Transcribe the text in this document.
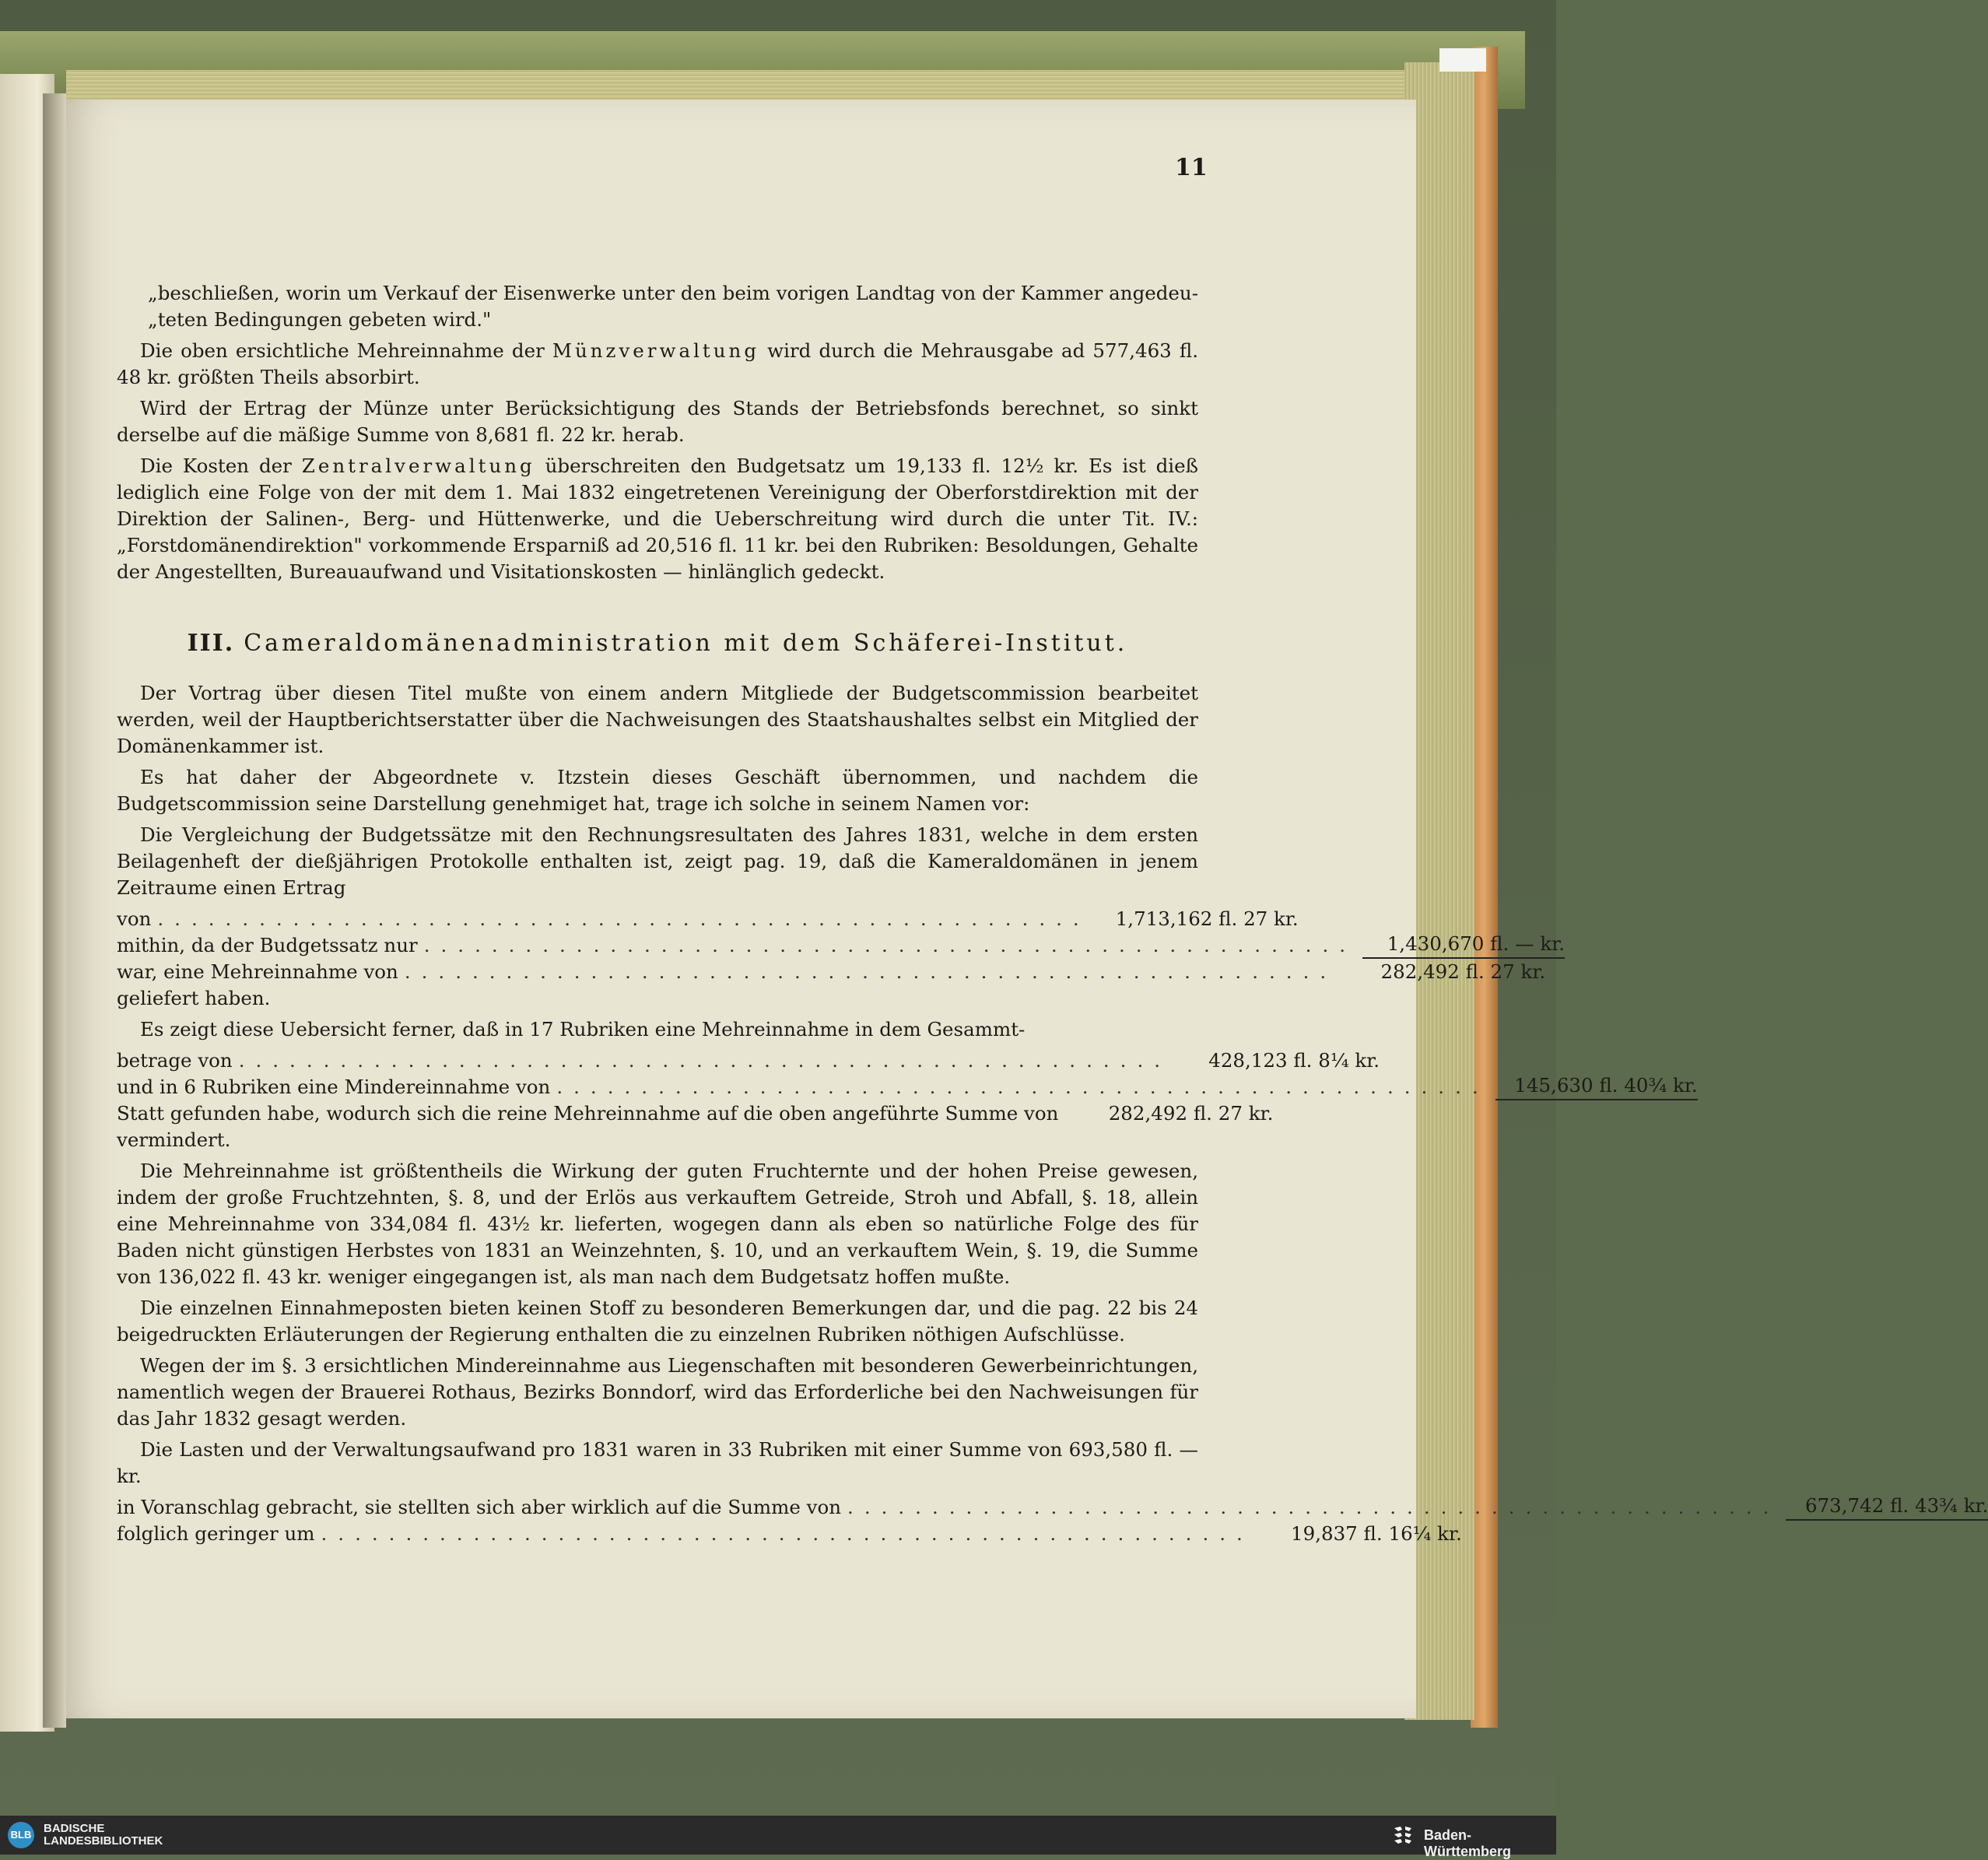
11

„beschließen, worin um Verkauf der Eisenwerke unter den beim vorigen Landtag von der Kammer angedeu-„teten Bedingungen gebeten wird."

Die oben ersichtliche Mehreinnahme der Münzverwaltung wird durch die Mehrausgabe ad 577,463 fl. 48 kr. größten Theils absorbirt.

Wird der Ertrag der Münze unter Berücksichtigung des Stands der Betriebsfonds berechnet, so sinkt derselbe auf die mäßige Summe von 8,681 fl. 22 kr. herab.

Die Kosten der Zentralverwaltung überschreiten den Budgetsatz um 19,133 fl. 12½ kr. Es ist dieß lediglich eine Folge von der mit dem 1. Mai 1832 eingetretenen Vereinigung der Oberforstdirektion mit der Direktion der Salinen-, Berg- und Hüttenwerke, und die Ueberschreitung wird durch die unter Tit. IV.: „Forstdomänendirektion" vorkommende Ersparniß ad 20,516 fl. 11 kr. bei den Rubriken: Besoldungen, Gehalte der Angestellten, Bureauaufwand und Visitationskosten — hinlänglich gedeckt.

III. Cameraldomänenadministration mit dem Schäferei-Institut.

Der Vortrag über diesen Titel mußte von einem andern Mitgliede der Budgetscommission bearbeitet werden, weil der Hauptberichtserstatter über die Nachweisungen des Staatshaushaltes selbst ein Mitglied der Domänenkammer ist.

Es hat daher der Abgeordnete v. Itzstein dieses Geschäft übernommen, und nachdem die Budgetscommission seine Darstellung genehmiget hat, trage ich solche in seinem Namen vor:

Die Vergleichung der Budgetssätze mit den Rechnungsresultaten des Jahres 1831, welche in dem ersten Beilagenheft der dießjährigen Protokolle enthalten ist, zeigt pag. 19, daß die Kameraldomänen in jenem Zeitraume einen Ertrag

von .......................................................	1,713,162 fl. 27 kr.
mithin, da der Budgetssatz nur .......................................................	1,430,670 fl. — kr.
war, eine Mehreinnahme von .......................................................	282,492 fl. 27 kr.

geliefert haben.

Es zeigt diese Uebersicht ferner, daß in 17 Rubriken eine Mehreinnahme in dem Gesammt-

betrage von .......................................................	428,123 fl. 8¼ kr.
und in 6 Rubriken eine Mindereinnahme von .......................................................	145,630 fl. 40¾ kr.
Statt gefunden habe, wodurch sich die reine Mehreinnahme auf die oben angeführte Summe von	282,492 fl. 27 kr.

vermindert.

Die Mehreinnahme ist größtentheils die Wirkung der guten Fruchternte und der hohen Preise gewesen, indem der große Fruchtzehnten, §. 8, und der Erlös aus verkauftem Getreide, Stroh und Abfall, §. 18, allein eine Mehreinnahme von 334,084 fl. 43½ kr. lieferten, wogegen dann als eben so natürliche Folge des für Baden nicht günstigen Herbstes von 1831 an Weinzehnten, §. 10, und an verkauftem Wein, §. 19, die Summe von 136,022 fl. 43 kr. weniger eingegangen ist, als man nach dem Budgetsatz hoffen mußte.

Die einzelnen Einnahmeposten bieten keinen Stoff zu besonderen Bemerkungen dar, und die pag. 22 bis 24 beigedruckten Erläuterungen der Regierung enthalten die zu einzelnen Rubriken nöthigen Aufschlüsse.

Wegen der im §. 3 ersichtlichen Mindereinnahme aus Liegenschaften mit besonderen Gewerbeinrichtungen, namentlich wegen der Brauerei Rothaus, Bezirks Bonndorf, wird das Erforderliche bei den Nachweisungen für das Jahr 1832 gesagt werden.

Die Lasten und der Verwaltungsaufwand pro 1831 waren in 33 Rubriken mit einer Summe von 693,580 fl. — kr.

in Voranschlag gebracht, sie stellten sich aber wirklich auf die Summe von .......................................................	673,742 fl. 43¾ kr.
folglich geringer um .......................................................	19,837 fl. 16¼ kr.
BLB BADISCHE
LANDESBIBLIOTHEK	Baden-Württemberg
